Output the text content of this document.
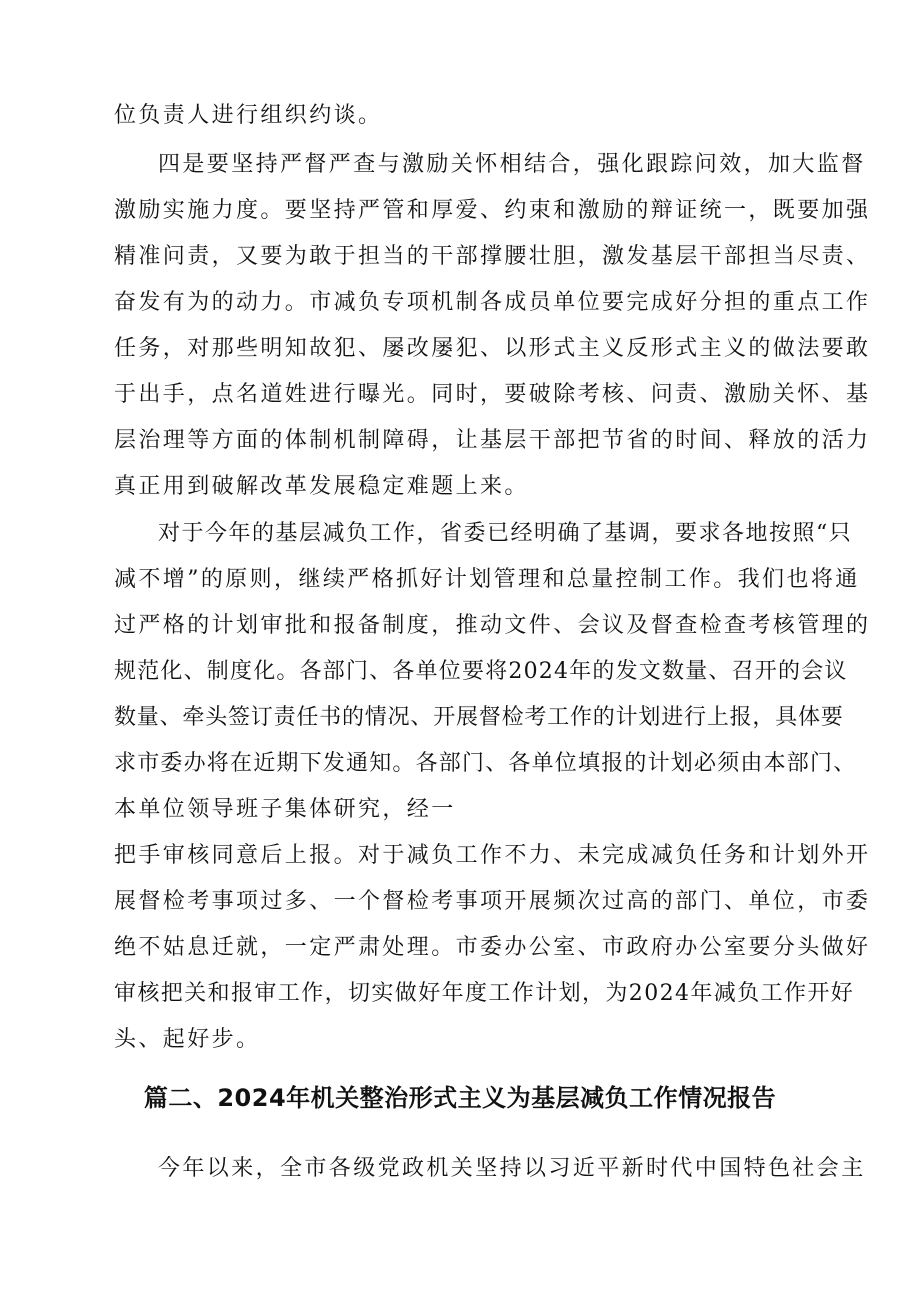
位负责人进行组织约谈。
四是要坚持严督严查与激励关怀相结合，强化跟踪问效，加大监督
激励实施力度。要坚持严管和厚爱、约束和激励的辩证统一，既要加强
精准问责，又要为敢于担当的干部撑腰壮胆，激发基层干部担当尽责、
奋发有为的动力。市减负专项机制各成员单位要完成好分担的重点工作
任务，对那些明知故犯、屡改屡犯、以形式主义反形式主义的做法要敢
于出手，点名道姓进行曝光。同时，要破除考核、问责、激励关怀、基
层治理等方面的体制机制障碍，让基层干部把节省的时间、释放的活力
真正用到破解改革发展稳定难题上来。
对于今年的基层减负工作，省委已经明确了基调，要求各地按照“只
减不增”的原则，继续严格抓好计划管理和总量控制工作。我们也将通
过严格的计划审批和报备制度，推动文件、会议及督查检查考核管理的
规范化、制度化。各部门、各单位要将2024年的发文数量、召开的会议
数量、牵头签订责任书的情况、开展督检考工作的计划进行上报，具体要
求市委办将在近期下发通知。各部门、各单位填报的计划必须由本部门、
本单位领导班子集体研究，经一
把手审核同意后上报。对于减负工作不力、未完成减负任务和计划外开
展督检考事项过多、一个督检考事项开展频次过高的部门、单位，市委
绝不姑息迁就，一定严肃处理。市委办公室、市政府办公室要分头做好
审核把关和报审工作，切实做好年度工作计划，为2024年减负工作开好
头、起好步。
篇二、2024年机关整治形式主义为基层减负工作情况报告
今年以来，全市各级党政机关坚持以习近平新时代中国特色社会主
